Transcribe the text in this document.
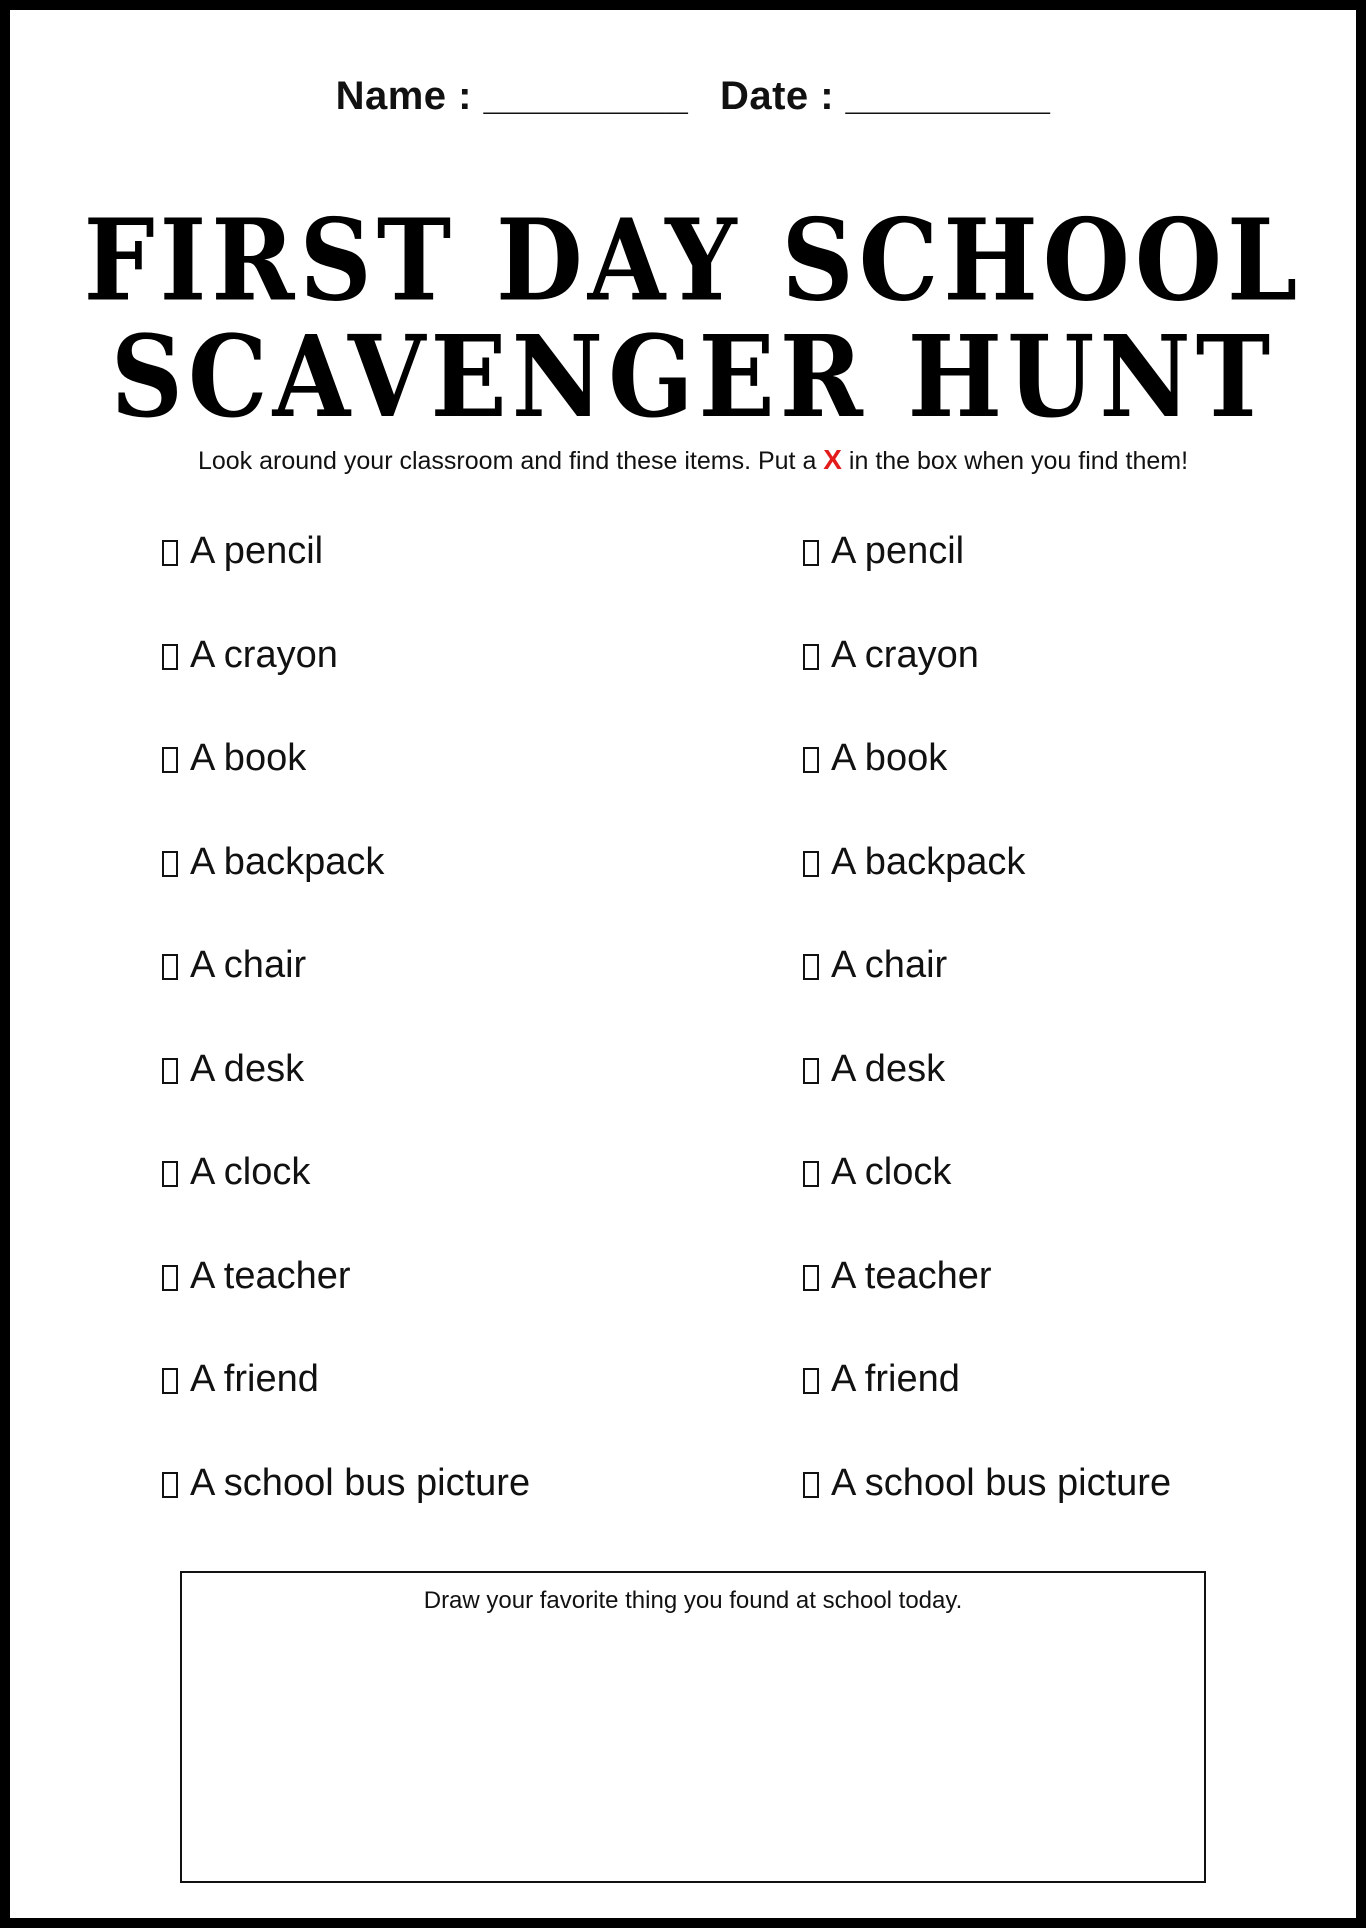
Name : _________ Date : _________
FIRST DAY SCHOOL
SCAVENGER HUNT
Look around your classroom and find these items. Put a X in the box when you find them!
A pencil
A crayon
A book
A backpack
A chair
A desk
A clock
A teacher
A friend
A school bus picture
A pencil
A crayon
A book
A backpack
A chair
A desk
A clock
A teacher
A friend
A school bus picture
Draw your favorite thing you found at school today.
